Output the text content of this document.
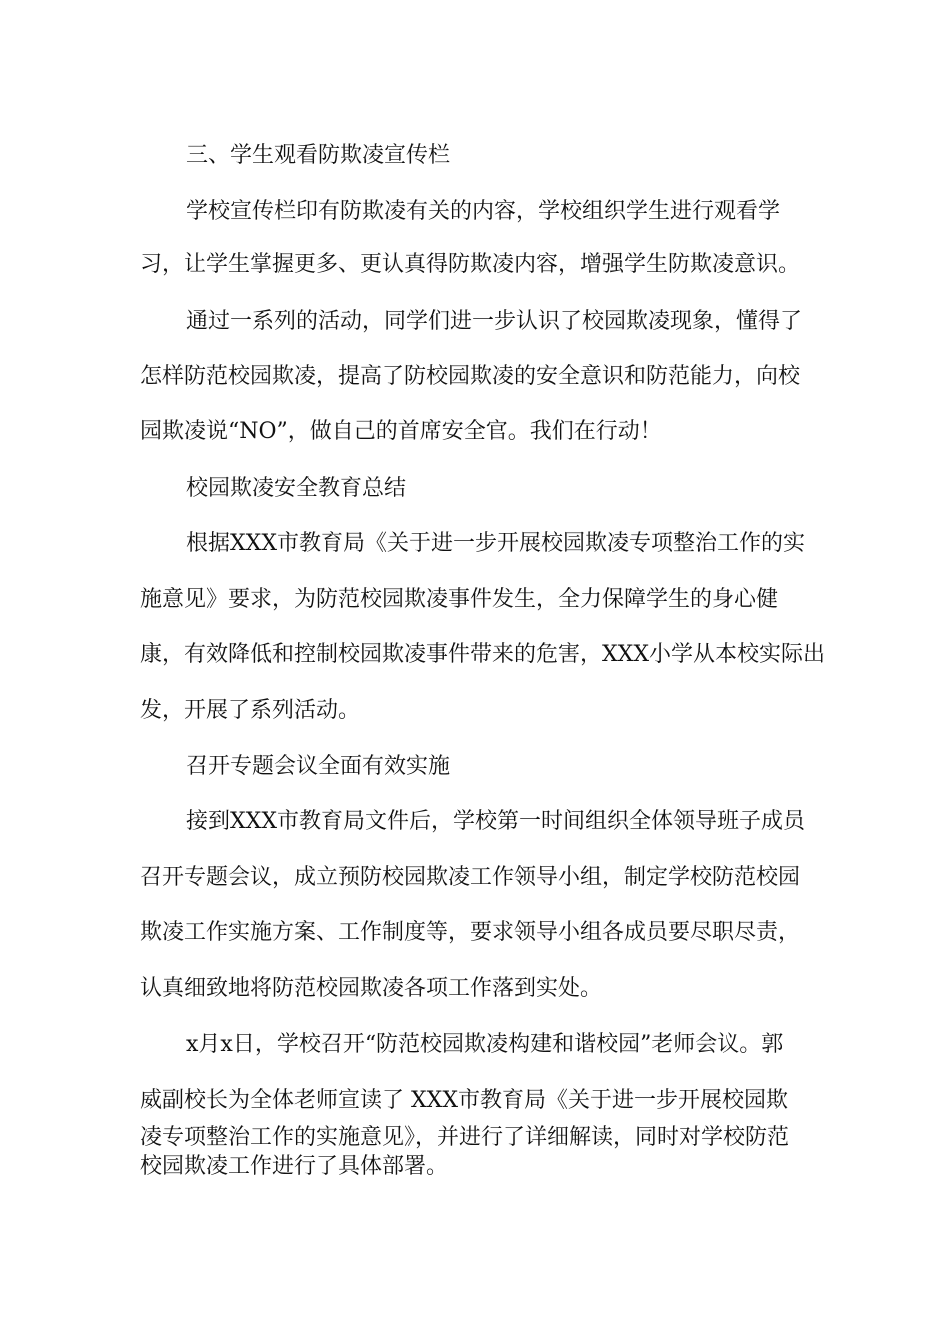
三、学生观看防欺凌宣传栏

学校宣传栏印有防欺凌有关的内容，学校组织学生进行观看学

习，让学生掌握更多、更认真得防欺凌内容，增强学生防欺凌意识。

通过一系列的活动，同学们进一步认识了校园欺凌现象，懂得了

怎样防范校园欺凌，提高了防校园欺凌的安全意识和防范能力，向校

园欺凌说“NO”，做自己的首席安全官。我们在行动！

校园欺凌安全教育总结

根据XXX市教育局《关于进一步开展校园欺凌专项整治工作的实

施意见》要求，为防范校园欺凌事件发生，全力保障学生的身心健

康，有效降低和控制校园欺凌事件带来的危害，XXX小学从本校实际出

发，开展了系列活动。

召开专题会议全面有效实施

接到XXX市教育局文件后，学校第一时间组织全体领导班子成员

召开专题会议，成立预防校园欺凌工作领导小组，制定学校防范校园

欺凌工作实施方案、工作制度等，要求领导小组各成员要尽职尽责，

认真细致地将防范校园欺凌各项工作落到实处。

x月x日，学校召开“防范校园欺凌构建和谐校园”老师会议。郭

威副校长为全体老师宣读了 XXX市教育局《关于进一步开展校园欺

凌专项整治工作的实施意见》，并进行了详细解读，同时对学校防范

校园欺凌工作进行了具体部署。
